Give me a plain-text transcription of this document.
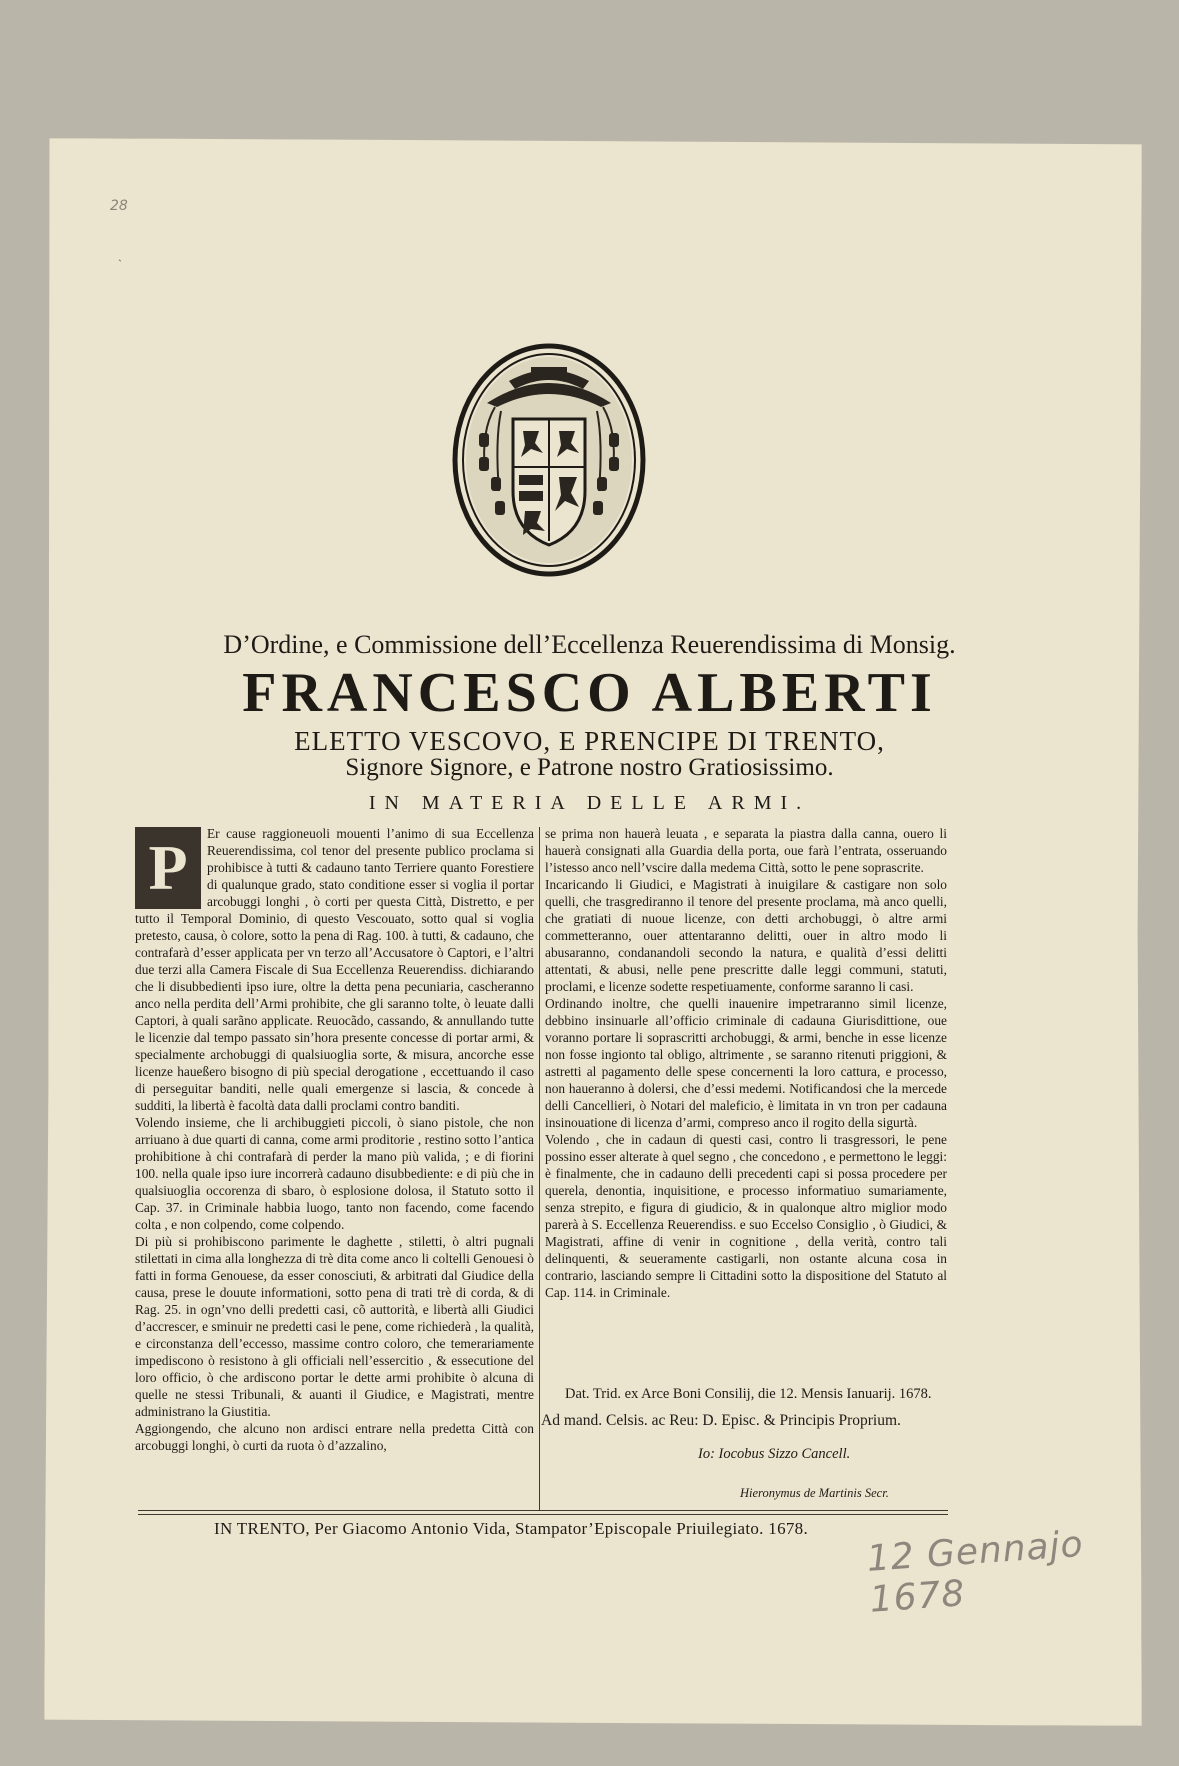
28
ˋ
D’Ordine, e Commissione dell’Eccellenza Reuerendissima di Monsig.
FRANCESCO ALBERTI
ELETTO VESCOVO, E PRENCIPE DI TRENTO,
Signore Signore, e Patrone nostro Gratiosissimo.
IN MATERIA DELLE ARMI.
P	Er cause raggioneuoli mouenti l’animo di sua Eccellenza Reuerendissima, col tenor del presente publico proclama si prohibisce à tutti & cadauno tanto Terriere quanto Forestiere di qualunque grado, stato conditione esser si voglia il portar arcobuggi longhi , ò corti per questa Città, Distretto, e per tutto il Temporal Dominio, di questo Vescouato, sotto qual si voglia pretesto, causa, ò colore, sotto la pena di Rag. 100. à tutti, & cadauno, che contrafarà d’esser applicata per vn terzo all’Accusatore ò Captori, e l’altri due terzi alla Camera Fiscale di Sua Eccellenza Reuerendiss. dichiarando che li disubbedienti ipso iure, oltre la detta pena pecuniaria, cascheranno anco nella perdita dell’Armi prohibite, che gli saranno tolte, ò leuate dalli Captori, à quali sarãno applicate. Reuocãdo, cassando, & annullando tutte le licenzie dal tempo passato sin’hora presente concesse di portar armi, & specialmente archobuggi di qualsiuoglia sorte, & misura, ancorche esse licenze haueßero bisogno di più special derogatione , eccettuando il caso di perseguitar banditi, nelle quali emergenze si lascia, & concede à sudditi, la libertà è facoltà data dalli proclami contro banditi.

Volendo insieme, che li archibuggieti piccoli, ò siano pistole, che non arriuano à due quarti di canna, come armi proditorie , restino sotto l’antica prohibitione à chi contrafarà di perder la mano più valida, ; e di fiorini 100. nella quale ipso iure incorrerà cadauno disubbediente: e di più che in qualsiuoglia occorenza di sbaro, ò esplosione dolosa, il Statuto sotto il Cap. 37. in Criminale habbia luogo, tanto non facendo, come facendo colta , e non colpendo, come colpendo.

Di più si prohibiscono parimente le daghette , stiletti, ò altri pugnali stilettati in cima alla longhezza di trè dita come anco li coltelli Genouesi ò fatti in forma Genouese, da esser conosciuti, & arbitrati dal Giudice della causa, prese le douute informationi, sotto pena di trati trè di corda, & di Rag. 25. in ogn’vno delli predetti casi, cõ auttorità, e libertà alli Giudici d’accrescer, e sminuir ne predetti casi le pene, come richiederà , la qualità, e circonstanza dell’eccesso, massime contro coloro, che temerariamente impediscono ò resistono à gli officiali nell’essercitio , & essecutione del loro officio, ò che ardiscono portar le dette armi prohibite ò alcuna di quelle ne stessi Tribunali, & auanti il Giudice, e Magistrati, mentre administrano la Giustitia.

Aggiongendo, che alcuno non ardisci entrare nella predetta Città con arcobuggi longhi, ò curti da ruota ò d’azzalino,

se prima non hauerà leuata , e separata la piastra dalla canna, ouero li hauerà consignati alla Guardia della porta, oue farà l’entrata, osseruando l’istesso anco nell’vscire dalla medema Città, sotto le pene soprascrite.

Incaricando li Giudici, e Magistrati à inuigilare & castigare non solo quelli, che trasgrediranno il tenore del presente proclama, mà anco quelli, che gratiati di nuoue licenze, con detti archobuggi, ò altre armi commetteranno, ouer attentaranno delitti, ouer in altro modo li abusaranno, condanandoli secondo la natura, e qualità d’essi delitti attentati, & abusi, nelle pene prescritte dalle leggi communi, statuti, proclami, e licenze sodette respetiuamente, conforme saranno li casi.

Ordinando inoltre, che quelli inauenire impetraranno simil licenze, debbino insinuarle all’officio criminale di cadauna Giurisdittione, oue voranno portare li soprascritti archobuggi, & armi, benche in esse licenze non fosse ingionto tal obligo, altrimente , se saranno ritenuti priggioni, & astretti al pagamento delle spese concernenti la loro cattura, e processo, non haueranno à dolersi, che d’essi medemi. Notificandosi che la mercede delli Cancellieri, ò Notari del maleficio, è limitata in vn tron per cadauna insinouatione di licenza d’armi, compreso anco il rogito della sigurtà.

Volendo , che in cadaun di questi casi, contro li trasgressori, le pene possino esser alterate à quel segno , che concedono , e permettono le leggi: è finalmente, che in cadauno delli precedenti capi si possa procedere per querela, denontia, inquisitione, e processo informatiuo sumariamente, senza strepito, e figura di giudicio, & in qualonque altro miglior modo parerà à S. Eccellenza Reuerendiss. e suo Eccelso Consiglio , ò Giudici, & Magistrati, affine di venir in cognitione , della verità, contro tali delinquenti, & seueramente castigarli, non ostante alcuna cosa in contrario, lasciando sempre li Cittadini sotto la dispositione del Statuto al Cap. 114. in Criminale.

Dat. Trid. ex Arce Boni Consilij, die 12. Mensis Ianuarij. 1678.
Ad mand. Celsis. ac Reu: D. Episc. & Principis Proprium.
Io: Iocobus Sizzo Cancell.
Hieronymus de Martinis Secr.
IN TRENTO, Per Giacomo Antonio Vida, Stampator’Episcopale Priuilegiato. 1678. 12 Gennajo 1678
